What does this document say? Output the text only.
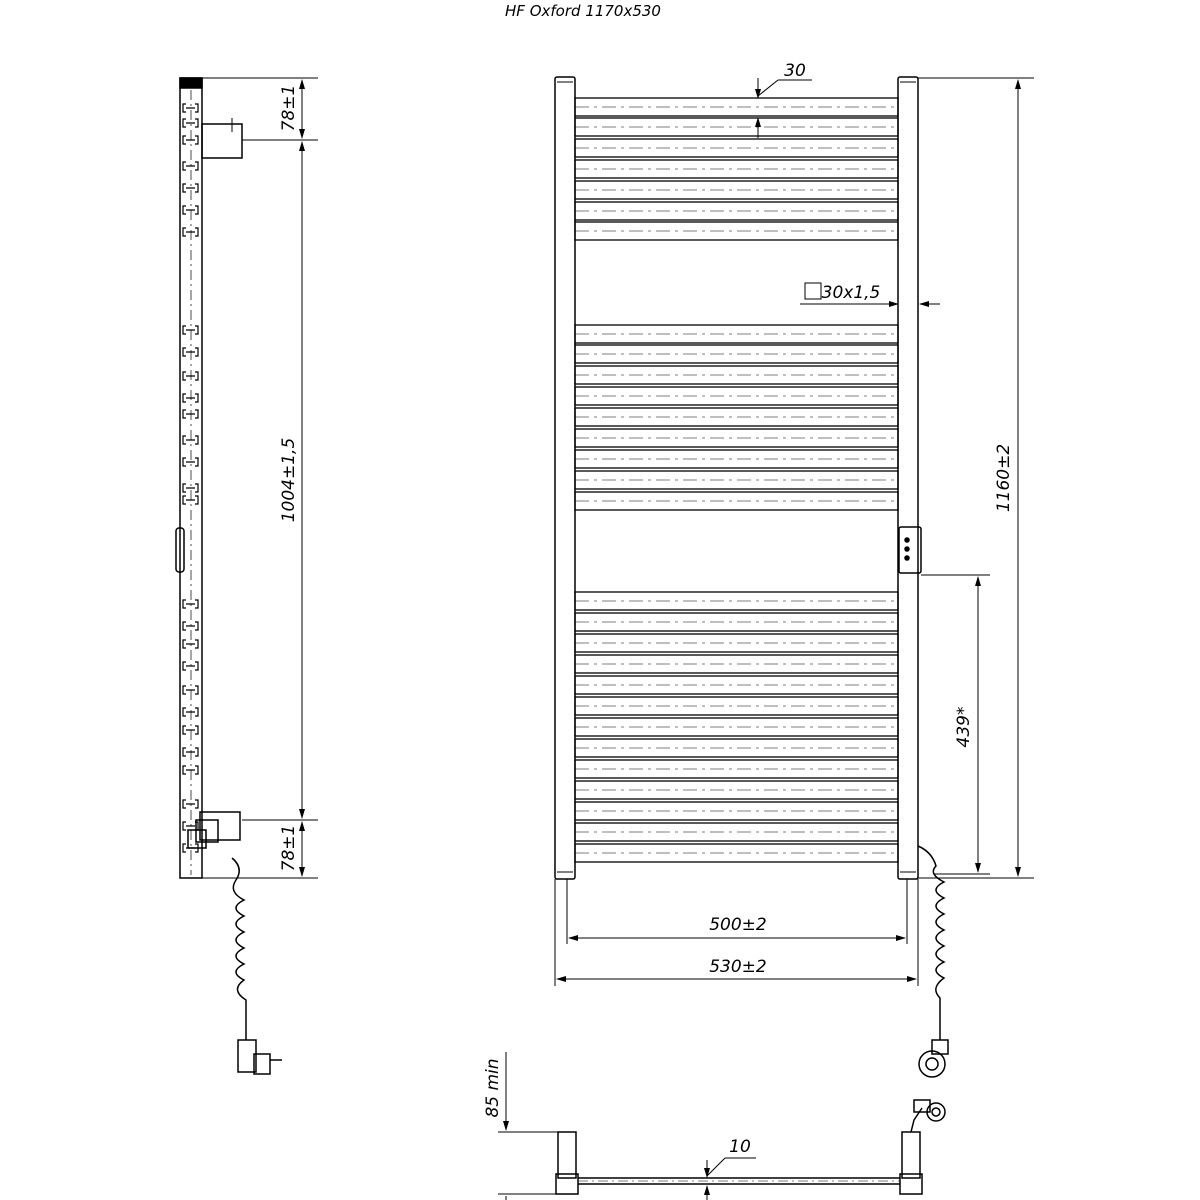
HF Oxford 1170x530
78±1
1004±1,5
78±1
30
30x1,5
1160±2
439*
500±2
530±2
85 min
10
